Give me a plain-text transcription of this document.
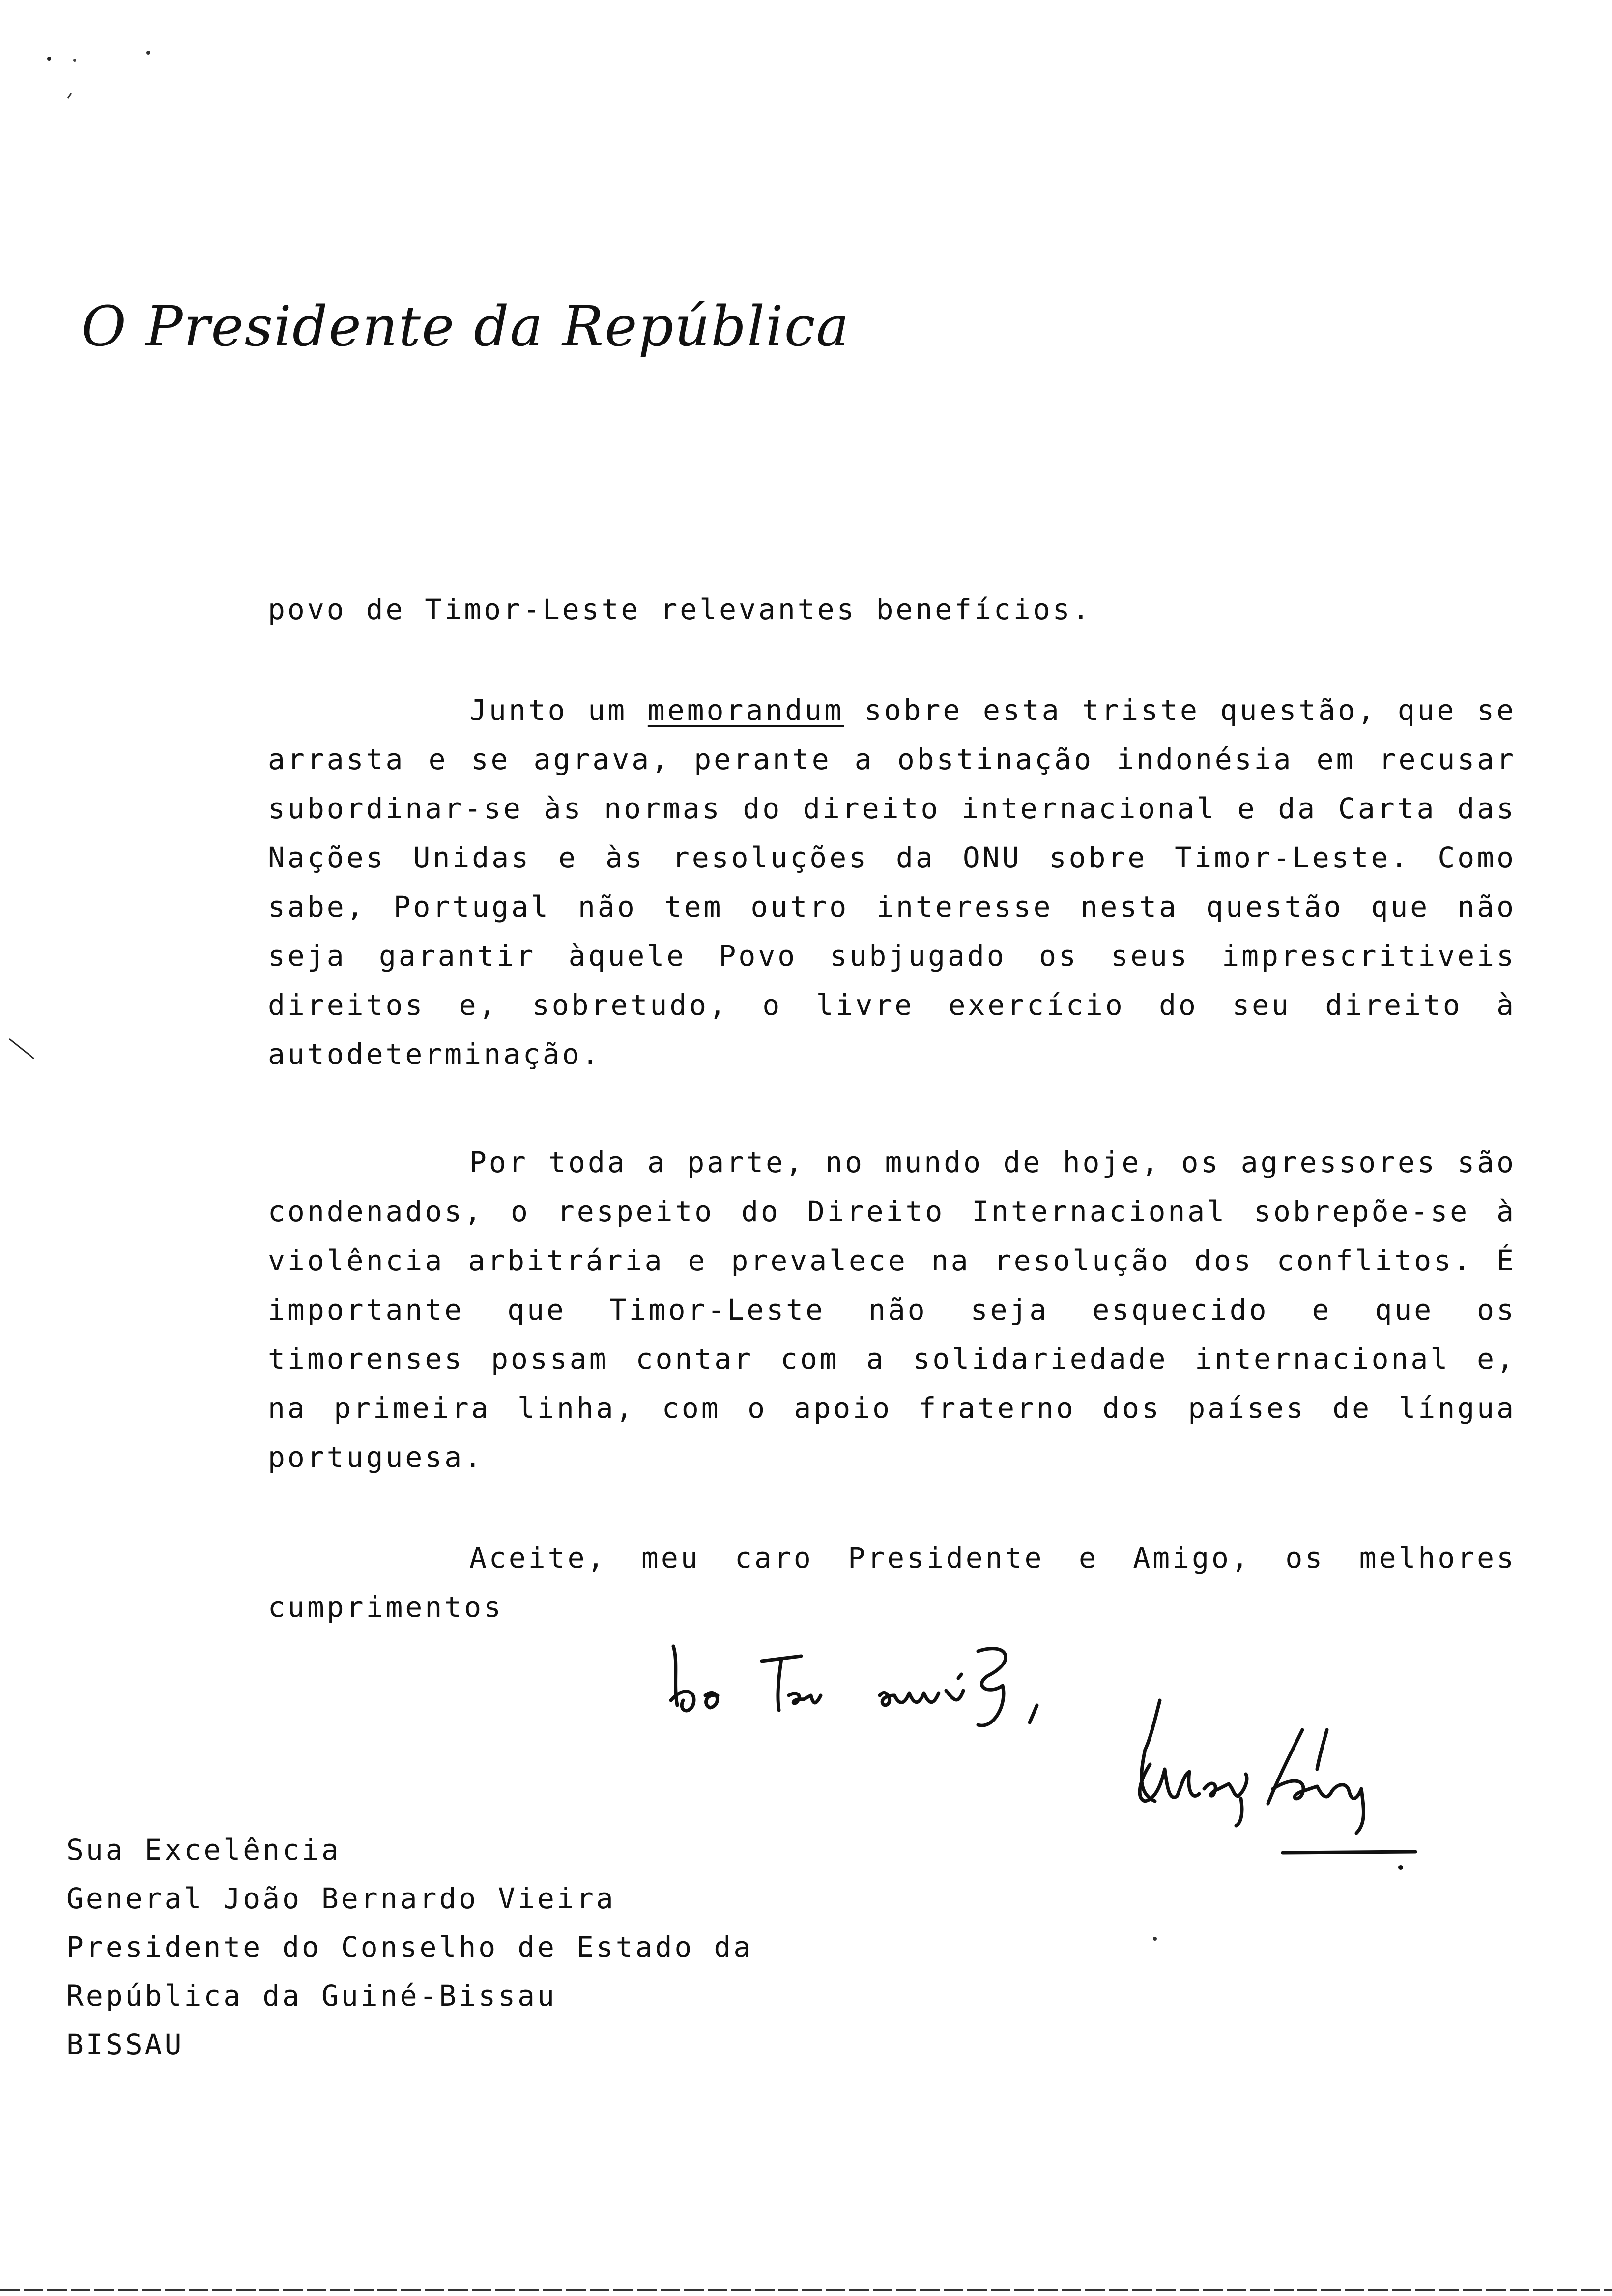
O Presidente da República
povo de Timor-Leste relevantes benefícios.
Junto um memorandum sobre esta triste questão, que se arrasta e se agrava, perante a obstinação indonésia em recusar subordinar-se às normas do direito internacional e da Carta das Nações Unidas e às resoluções da ONU sobre Timor-Leste. Como sabe, Portugal não tem outro interesse nesta questão que não seja garantir àquele Povo subjugado os seus imprescritiveis direitos e, sobretudo, o livre exercício do seu direito à autodeterminação.
Por toda a parte, no mundo de hoje, os agressores são condenados, o respeito do Direito Internacional sobrepõe-se à violência arbitrária e prevalece na resolução dos conflitos. É importante que Timor-Leste não seja esquecido e que os timorenses possam contar com a solidariedade internacional e, na primeira linha, com o apoio fraterno dos países de língua portuguesa.
Aceite, meu caro Presidente e Amigo, os melhores cumprimentos
Sua Excelência
General João Bernardo Vieira
Presidente do Conselho de Estado da
República da Guiné-Bissau
BISSAU
